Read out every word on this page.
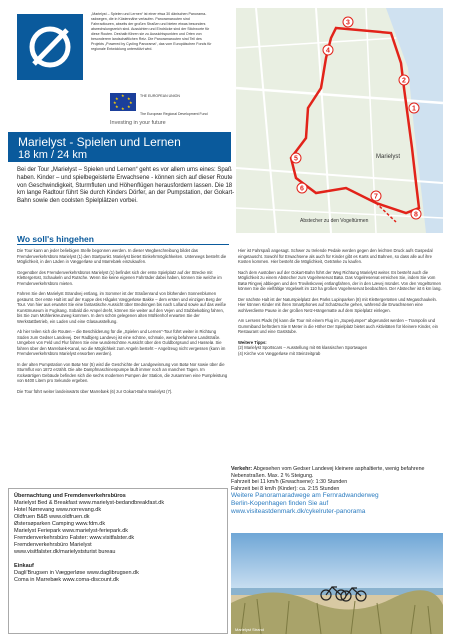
„Marielyst – Spielen und Lernen“ ist einer etwa 30 dänischen Panorama-radwegen, die in Küstennähe verlaufen. Panoramarouten sind Fahrradtouren, abseits der großen Straßen und bieten etwas besonders abwechslungsreich sind. Aussichten und Eindrücke sind der Stichworte für diese Routen. Deshalb führen sie zu Aussichtspunkten und Orten von besonderem landschaftlichen Reiz. Die Panoramarouten sind Teil des Projekts „Powered by Cycling Panorama“, das vom Europäischen Fonds für regionale Entwicklung unterstützt wird.
★
★ ★
★	★
★ ★
★
THE EUROPEAN UNION
The European Regional Development Fund
Investing in your future
1
2
3
4
5
6
7
8
Marielyst
Abstecher zu den Vogeltürmen
Marielyst - Spielen und Lernen
18 km / 24 km
Bei der Tour „Marielyst – Spielen und Lernen“ geht es vor allem ums eines: Spaß haben. Kinder – und spielbegeisterte Erwachsene - können sich auf dieser Route von Geschwindigkeit, Sturmfluten und Höhenflügen herausfordern lassen. Die 18 km lange Radtour führt Sie durch Kinders Dörfer, an der Pumpstation, der Gokart-Bahn sowie den coolsten Spielplätzen vorbei.
Wo soll's hingehen

Die Tour kann an jeder beliebigen Stelle begonnen werden. In dieser Wegbeschreibung bildet das Fremdenverkehrsbüro Marielyst (1) den Startpunkt. Marielyst bietet Einkehrmöglichkeiten. Unterwegs besteht die Möglichkeit, in den Läden in Væggerløse und Marrebæk einzukaufen.

Gegenüber des Fremdenverkehrsbüros Marielyst (1) befindet sich der erste Spielplatz auf der Strecke mit Klettergerüst, Schaukeln und Rutsche. Wenn Sie keine eigenen Fahrräder dabei haben, können Sie welche im Fremdenverkehrsbüro mieten.

Fahren Sie den Marielyst Strandvej entlang, im Sommer ist der Straßenrand von blühenden Sonnenblumen gesäumt. Der erste Halt ist auf der Kuppe des Hågaks Væggerløse Bakke – dem ersten und einzigen Berg der Tour. Von hier aus erwartet Sie eine fantastische Aussicht über Bredningen bis nach Lolland sowie auf das weiße Kunstmuseum in Fuglsang. Sobald die Ampel dreht, können Sie weiter auf den Vejen und Stubbekøbing fahren, bis Sie zum Mühlenkreuzweg kommen. In dem schön gelegenen alten Mühlenhof erwarten Sie der Werkstattbetrieb, ein Laden und eine Glasausstellung.

Ab hier teilen sich die Routen – die Beschilderung für die „Spielen und Lernen“-Tour führt weiter in Richtung Süden zum Gedser Landevej. Der Radbjerg Landevej ist eine schöne, schmale, wenig befahrene Landstraße. Umgeben von Feld und Flur fahren Sie eine wunderschöne Aussicht über den Guldborgsund und Hasselø. Sie fahren über den Marrebæk-Kanal, wo die Möglichkeit zum Angeln besteht – Angelzeug nicht vergessen (kann im Fremdenverkehrsbüro Marielyst erworben werden).

In der alten Pumpstation von Bøtø Nor (5) wird die Geschichte der Landgewinnung von Bøtø Nor sowie über die Sturmflut von 1872 erzählt. Die alte Dampfmaschinenpumpe läuft immer noch an manchen Tagen. Im rückwärtigen Gebäude befinden sich die sechs modernen Pumpen der Station, die zusammen eine Pumpleistung von 6400 Litern pro Sekunde ergeben.

Die Tour führt weiter landeinwärts über Marrebæk (6) zur Gokart-Bahn Marielyst (7).

Hier ist Fahrspaß angesagt. Schwer zu trelende Pedale werden gegen den leichten Druck aufs Gaspedal eingetauscht. Sowohl für Erwachsene als auch für Kinder gibt es Karts und Bahnen, so dass alle auf ihre Kosten kommen. Hier besteht die Möglichkeit, Getränke zu kaufen.

Nach dem Austoben auf der Gokart-Bahn führt der Weg Richtung Marielyst weiter. Es besteht auch die Möglichkeit zu einem Abstecher zum Vogelreservat Bøtø. Das Vogelreservat erreichen Sie, indem Sie vom Bøtø Ringvej abbiegen und den Trovikskovvej entlangfahren, der in den Lævej mündet. Von den Vogeltürmen können Sie die vielfältige Vogelwelt im 110 ha großen Vogelreservat beobachten. Der Abstecher ist 6 km lang.

Der nächste Halt ist der Naturspielplatz des Parks Lupinparken (8) mit Klettergerüsten und Megaschaukeln. Hier können Kinder mit ihren Smartphones auf Schatzsuche gehen, während die Erwachsenen eine wohlverdiente Pause in der großen Netz-Hängematte auf dem Spielplatz einlegen.

Am Lersens Plads (9) kann die Tour mit einem Flug im „Superjumper“ abgerundet werden – Trampolin und Gummiband befördern Sie 8 Meter in die Höhe! Der Spielplatz bietet auch Aktivitäten für kleinere Kinder, ein Restaurant und eine Gaststube.

Weitere Tipps:
(2) Marielyst Sportscars – Ausstellung mit 66 klassischen Sportwagen
(4) Kirche von Væggerløse mit Steinzeitgrab
Verkehr: Abgesehen vom Gedser Landevej kleinere asphaltierte, wenig befahrene Nebenstraßen. Max. 2 % Steigung.
Fahrzeit bei 11 km/h (Erwachsene): 1:30 Stunden
Fahrzeit bei 8 km/h (Kinder): ca. 2:15 Stunden
Weitere Panoramaradwege am Fernradwanderweg
Berlin-Kopenhagen finden Sie auf
www.visiteastdenmark.dk/cykelruter-panorama
Übernachtung und Fremdenverkehrsbüros
Marielyst Bed & Breakfast www.marielyst-bedandbreakfast.dk
Hotel Nørrevang www.norrevang.dk
Oldfruen B&B www.oldfruen.dk
Østersøparken Camping www.fdm.dk
Marielyst Feriepark www.marielyst-feriepark.dk
Fremdenverkehrsbüro Falster: www.visitfalster.dk
Fremdenverkehrsbüro Marielyst
www.visitfalster.dk/marielyststurist bureau
Einkauf
Dagli'Brugsen in Væggerløse www.daglibrugsen.dk
Coma in Marrebæk www.coma-discount.dk
Marielyst Strand
